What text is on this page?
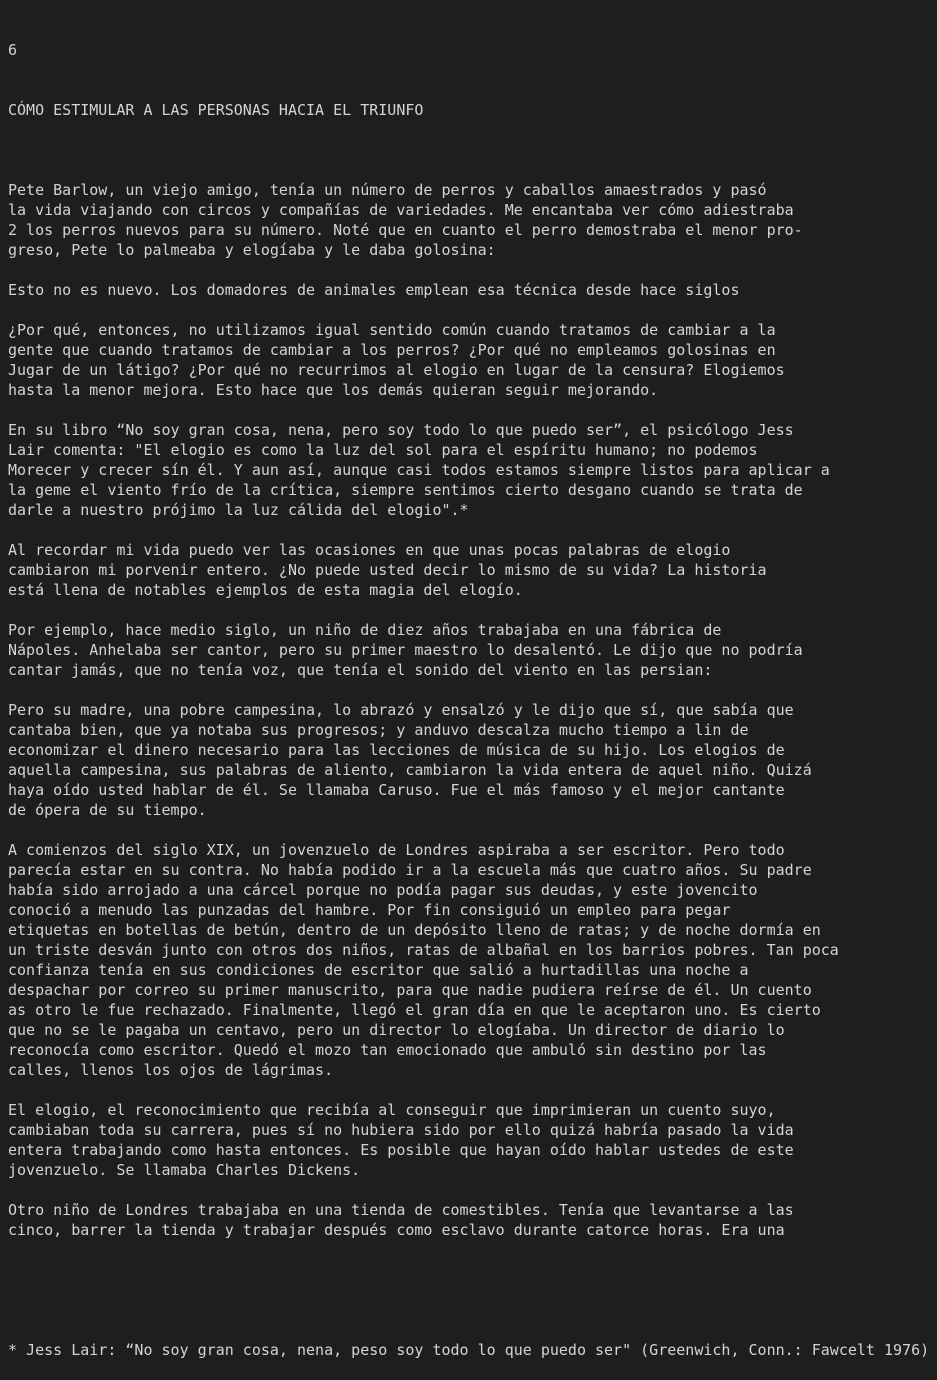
6

CÓMO ESTIMULAR A LAS PERSONAS HACIA EL TRIUNFO

Pete Barlow, un viejo amigo, tenía un número de perros y caballos amaestrados y pasó
la vida viajando con circos y compañías de variedades. Me encantaba ver cómo adiestraba
2 los perros nuevos para su número. Noté que en cuanto el perro demostraba el menor pro-
greso, Pete lo palmeaba y elogíaba y le daba golosina:
Esto no es nuevo. Los domadores de animales emplean esa técnica desde hace siglos
¿Por qué, entonces, no utilizamos igual sentido común cuando tratamos de cambiar a la
gente que cuando tratamos de cambiar a los perros? ¿Por qué no empleamos golosinas en
Jugar de un látigo? ¿Por qué no recurrimos al elogio en lugar de la censura? Elogiemos
hasta la menor mejora. Esto hace que los demás quieran seguir mejorando.
En su libro “No soy gran cosa, nena, pero soy todo lo que puedo ser”, el psicólogo Jess
Lair comenta: "El elogio es como la luz del sol para el espíritu humano; no podemos
Morecer y crecer sín él. Y aun así, aunque casi todos estamos siempre listos para aplicar a
la geme el viento frío de la crítica, siempre sentimos cierto desgano cuando se trata de
darle a nuestro prójimo la luz cálida del elogio".*
Al recordar mi vida puedo ver las ocasiones en que unas pocas palabras de elogio
cambiaron mi porvenir entero. ¿No puede usted decir lo mismo de su vida? La historia
está llena de notables ejemplos de esta magia del elogío.
Por ejemplo, hace medio siglo, un niño de diez años trabajaba en una fábrica de
Nápoles. Anhelaba ser cantor, pero su primer maestro lo desalentó. Le dijo que no podría
cantar jamás, que no tenía voz, que tenía el sonido del viento en las persian:
Pero su madre, una pobre campesina, lo abrazó y ensalzó y le dijo que sí, que sabía que
cantaba bien, que ya notaba sus progresos; y anduvo descalza mucho tiempo a lin de
economizar el dinero necesario para las lecciones de música de su hijo. Los elogios de
aquella campesina, sus palabras de aliento, cambiaron la vida entera de aquel niño. Quizá
haya oído usted hablar de él. Se llamaba Caruso. Fue el más famoso y el mejor cantante
de ópera de su tiempo.
A comienzos del siglo XIX, un jovenzuelo de Londres aspiraba a ser escritor. Pero todo
parecía estar en su contra. No había podido ir a la escuela más que cuatro años. Su padre
había sido arrojado a una cárcel porque no podía pagar sus deudas, y este jovencito
conoció a menudo las punzadas del hambre. Por fin consiguió un empleo para pegar
etiquetas en botellas de betún, dentro de un depósito lleno de ratas; y de noche dormía en
un triste desván junto con otros dos niños, ratas de albañal en los barrios pobres. Tan poca
confianza tenía en sus condiciones de escritor que salió a hurtadillas una noche a
despachar por correo su primer manuscrito, para que nadie pudiera reírse de él. Un cuento
as otro le fue rechazado. Finalmente, llegó el gran día en que le aceptaron uno. Es cierto
que no se le pagaba un centavo, pero un director lo elogíaba. Un director de diario lo
reconocía como escritor. Quedó el mozo tan emocionado que ambuló sin destino por las
calles, llenos los ojos de lágrimas.
El elogio, el reconocimiento que recibía al conseguir que imprimieran un cuento suyo,
cambiaban toda su carrera, pues sí no hubiera sido por ello quizá habría pasado la vida
entera trabajando como hasta entonces. Es posible que hayan oído hablar ustedes de este
jovenzuelo. Se llamaba Charles Dickens.
Otro niño de Londres trabajaba en una tienda de comestibles. Tenía que levantarse a las
cinco, barrer la tienda y trabajar después como esclavo durante catorce horas. Era una

* Jess Lair: “No soy gran cosa, nena, peso soy todo lo que puedo ser" (Greenwich, Conn.: Fawcelt 1976)
